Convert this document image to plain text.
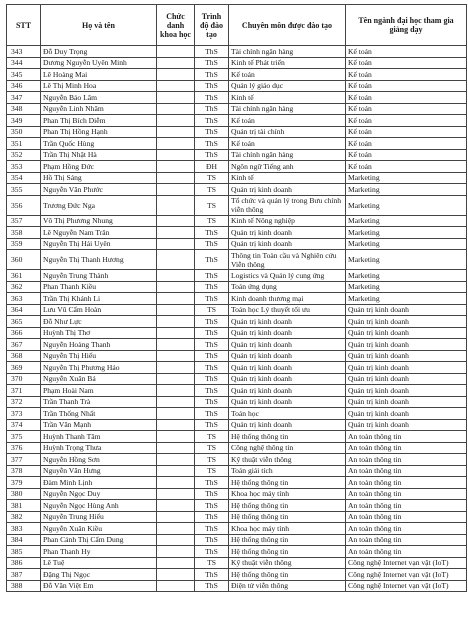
STT	Họ và tên	Chức danh khoa học	Trình độ đào tạo	Chuyên môn được đào tạo	Tên ngành đại học tham gia giảng dạy
343	Đỗ Duy Trọng		ThS	Tài chính ngân hàng	Kế toán
344	Dương Nguyễn Uyên Minh		ThS	Kinh tế Phát triển	Kế toán
345	Lê Hoàng Mai		ThS	Kế toán	Kế toán
346	Lê Thị Minh Hoa		ThS	Quản lý giáo dục	Kế toán
347	Nguyễn Bảo Lâm		ThS	Kinh tế	Kế toán
348	Nguyễn Linh Nhâm		ThS	Tài chính ngân hàng	Kế toán
349	Phan Thị Bích Diễm		ThS	Kế toán	Kế toán
350	Phan Thị Hồng Hạnh		ThS	Quản trị tài chính	Kế toán
351	Trần Quốc Hùng		ThS	Kế toán	Kế toán
352	Trần Thị Nhật Hà		ThS	Tài chính ngân hàng	Kế toán
353	Phạm Hồng Đức		ĐH	Ngôn ngữ Tiếng anh	Kế toán
354	Hồ Thị Sáng		TS	Kinh tế	Marketing
355	Nguyễn Văn Phước		TS	Quản trị kinh doanh	Marketing
356	Trương Đức Nga		TS	Tổ chức và quản lý trong Bưu chính viễn thông	Marketing
357	Võ Thị Phương Nhung		TS	Kinh tế Nông nghiệp	Marketing
358	Lê Nguyễn Nam Trân		ThS	Quản trị kinh doanh	Marketing
359	Nguyễn Thị Hải Uyên		ThS	Quản trị kinh doanh	Marketing
360	Nguyễn Thị Thanh Hương		ThS	Thông tin Toàn cầu và Nghiên cứu Viễn thông	Marketing
361	Nguyễn Trung Thành		ThS	Logistics và Quản lý cung ứng	Marketing
362	Phan Thanh Kiều		ThS	Toán ứng dụng	Marketing
363	Trần Thị Khánh Li		ThS	Kinh doanh thương mại	Marketing
364	Lưu Vũ Cẩm Hoàn		TS	Toán học Lý thuyết tối ưu	Quản trị kinh doanh
365	Đỗ Như Lực		ThS	Quản trị kinh doanh	Quản trị kinh doanh
366	Huỳnh Thị Thơ		ThS	Quản trị kinh doanh	Quản trị kinh doanh
367	Nguyễn Hoàng Thanh		ThS	Quản trị kinh doanh	Quản trị kinh doanh
368	Nguyễn Thị Hiếu		ThS	Quản trị kinh doanh	Quản trị kinh doanh
369	Nguyễn Thị Phương Hảo		ThS	Quản trị kinh doanh	Quản trị kinh doanh
370	Nguyễn Xuân Bá		ThS	Quản trị kinh doanh	Quản trị kinh doanh
371	Phạm Hoài Nam		ThS	Quản trị kinh doanh	Quản trị kinh doanh
372	Trần Thanh Trà		ThS	Quản trị kinh doanh	Quản trị kinh doanh
373	Trần Thống Nhất		ThS	Toán học	Quản trị kinh doanh
374	Trần Văn Mạnh		ThS	Quản trị kinh doanh	Quản trị kinh doanh
375	Huỳnh Thanh Tâm		TS	Hệ thống thông tin	An toàn thông tin
376	Huỳnh Trọng Thưa		TS	Công nghệ thông tin	An toàn thông tin
377	Nguyễn Hồng Sơn		TS	Kỹ thuật viễn thông	An toàn thông tin
378	Nguyễn Văn Hưng		TS	Toán giải tích	An toàn thông tin
379	Đàm Minh Lịnh		ThS	Hệ thống thông tin	An toàn thông tin
380	Nguyễn Ngọc Duy		ThS	Khoa học máy tính	An toàn thông tin
381	Nguyễn Ngọc Hùng Anh		ThS	Hệ thống thông tin	An toàn thông tin
382	Nguyễn Trung Hiếu		ThS	Hệ thống thông tin	An toàn thông tin
383	Nguyễn Xuân Kiều		ThS	Khoa học máy tính	An toàn thông tin
384	Phan Cảnh Thị Cẩm Dung		ThS	Hệ thống thông tin	An toàn thông tin
385	Phan Thanh Hy		ThS	Hệ thống thông tin	An toàn thông tin
386	Lê Tuệ		TS	Kỹ thuật viễn thông	Công nghệ Internet vạn vật (IoT)
387	Đặng Thị Ngọc		ThS	Hệ thống thông tin	Công nghệ Internet vạn vật (IoT)
388	Đỗ Văn Việt Em		ThS	Điện tử viễn thông	Công nghệ Internet vạn vật (IoT)
